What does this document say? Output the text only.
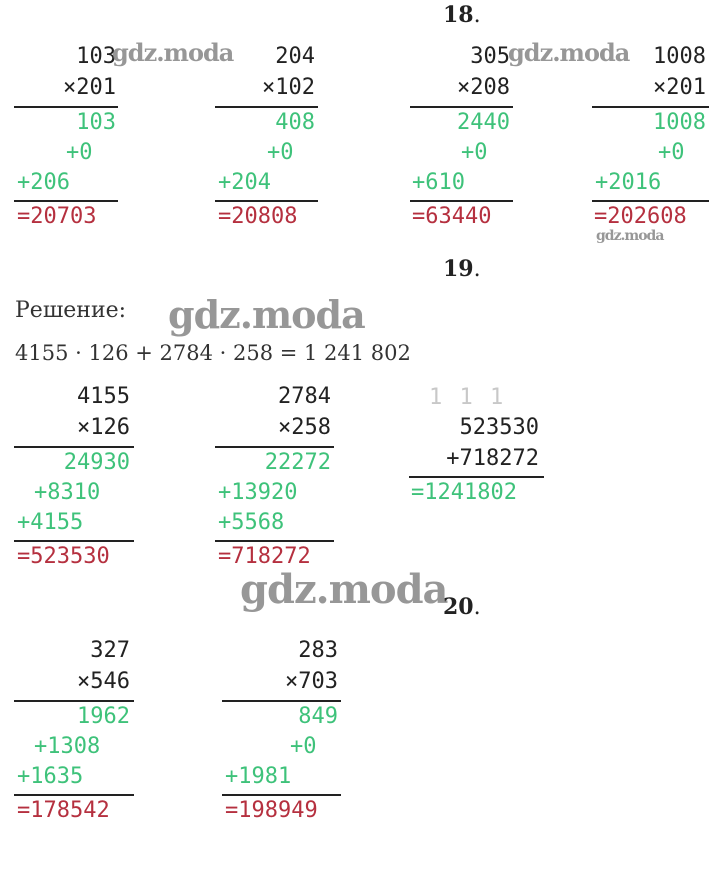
18.
103
×201
103
+0
+206
=20703
204
×102
408
+0
+204
=20808
305
×208
2440
+0
+610
=63440
1008
×201
1008
+0
+2016
=202608
19.
Решение:
4155 · 126 + 2784 · 258 = 1 241 802
4155
×126
24930
+8310
+4155
=523530
2784
×258
22272
+13920
+5568
=718272
1 1 1
523530
+718272
=1241802
20.
327
×546
1962
+1308
+1635
=178542
283
×703
849
+0
+1981
=198949
gdz.moda	gdz.moda
gdz.moda
gdz.moda
gdz.moda
